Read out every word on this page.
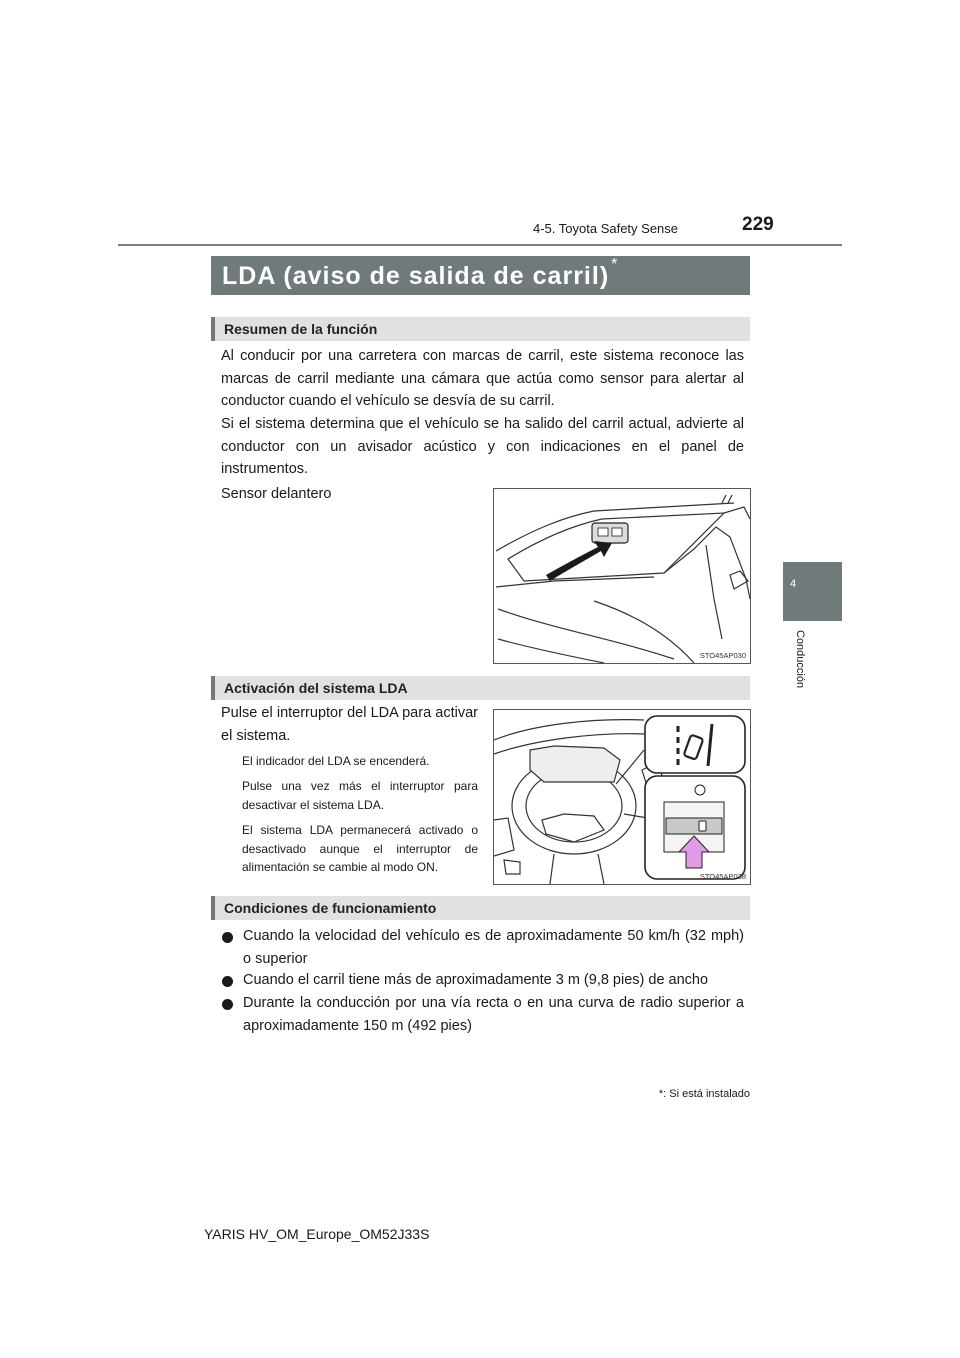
4-5. Toyota Safety Sense	229
4
Conducción
LDA (aviso de salida de carril) *
Resumen de la función
Al conducir por una carretera con marcas de carril, este sistema reconoce las marcas de carril mediante una cámara que actúa como sensor para alertar al conductor cuando el vehículo se desvía de su carril.
Si el sistema determina que el vehículo se ha salido del carril actual, advierte al conductor con un avisador acústico y con indicaciones en el panel de instrumentos.
Sensor delantero
STO45AP030
Activación del sistema LDA
Pulse el interruptor del LDA para activar el sistema.
El indicador del LDA se encenderá.
Pulse una vez más el interruptor para desactivar el sistema LDA.
El sistema LDA permanecerá activado o desactivado aunque el interruptor de alimentación se cambie al modo ON.
STO45AP038
Condiciones de funcionamiento
Cuando la velocidad del vehículo es de aproximadamente 50 km/h (32 mph) o superior
Cuando el carril tiene más de aproximadamente 3 m (9,8 pies) de ancho
Durante la conducción por una vía recta o en una curva de radio superior a aproximadamente 150 m (492 pies)
*: Si está instalado
YARIS HV_OM_Europe_OM52J33S
